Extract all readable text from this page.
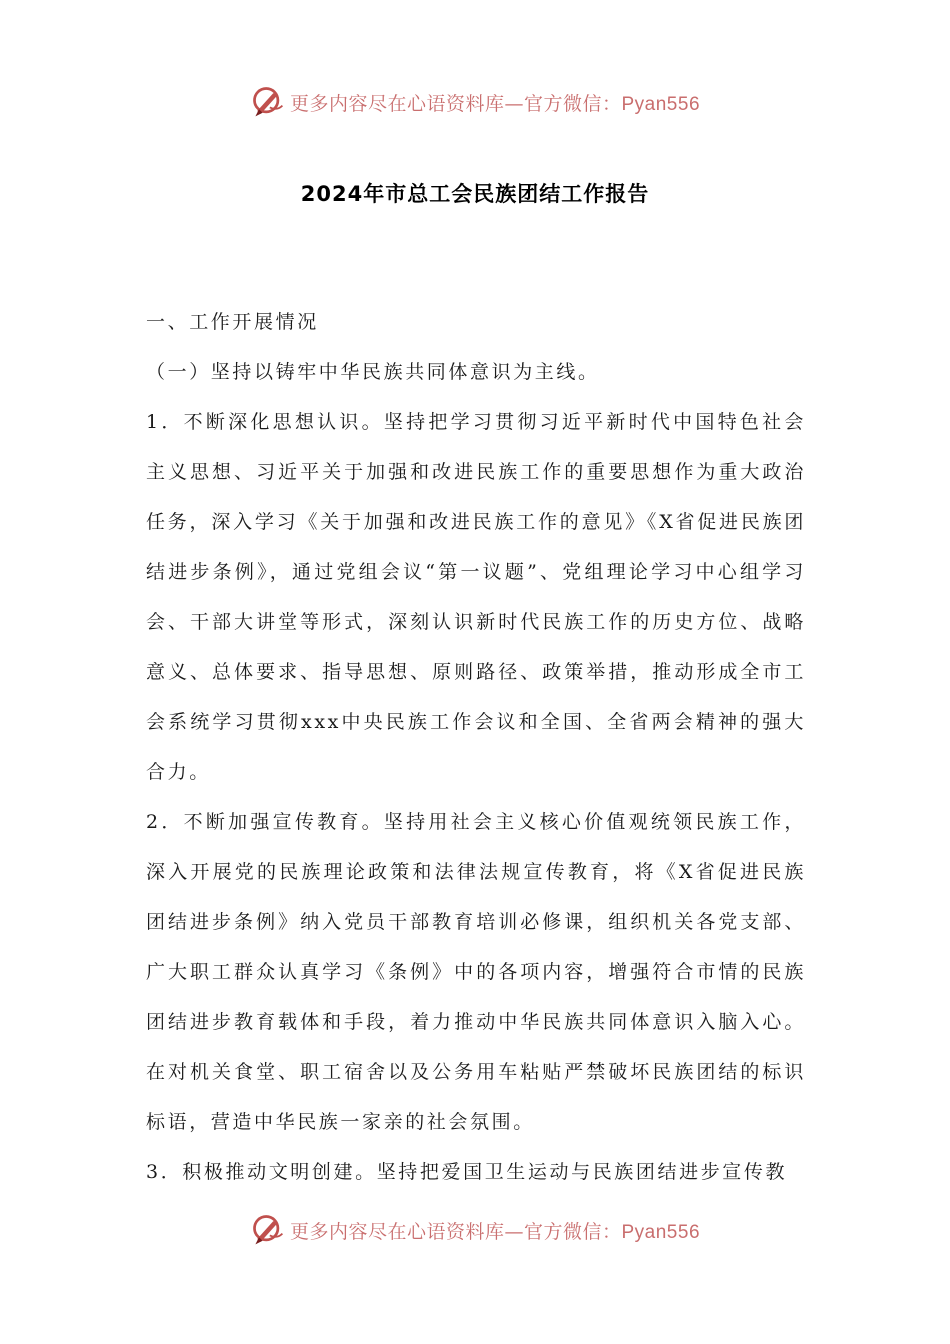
更多内容尽在心语资料库—官方微信：Pyan556
2024年市总工会民族团结工作报告

一、工作开展情况

（一）坚持以铸牢中华民族共同体意识为主线。

1．不断深化思想认识。坚持把学习贯彻习近平新时代中国特色社会主义思想、习近平关于加强和改进民族工作的重要思想作为重大政治任务，深入学习《关于加强和改进民族工作的意见》《X省促进民族团结进步条例》，通过党组会议“第一议题”、党组理论学习中心组学习会、干部大讲堂等形式，深刻认识新时代民族工作的历史方位、战略意义、总体要求、指导思想、原则路径、政策举措，推动形成全市工会系统学习贯彻xxx中央民族工作会议和全国、全省两会精神的强大合力。

2．不断加强宣传教育。坚持用社会主义核心价值观统领民族工作，深入开展党的民族理论政策和法律法规宣传教育，将《X省促进民族团结进步条例》纳入党员干部教育培训必修课，组织机关各党支部、广大职工群众认真学习《条例》中的各项内容，增强符合市情的民族团结进步教育载体和手段，着力推动中华民族共同体意识入脑入心。在对机关食堂、职工宿舍以及公务用车粘贴严禁破坏民族团结的标识标语，营造中华民族一家亲的社会氛围。

3．积极推动文明创建。坚持把爱国卫生运动与民族团结进步宣传教

更多内容尽在心语资料库—官方微信：Pyan556
